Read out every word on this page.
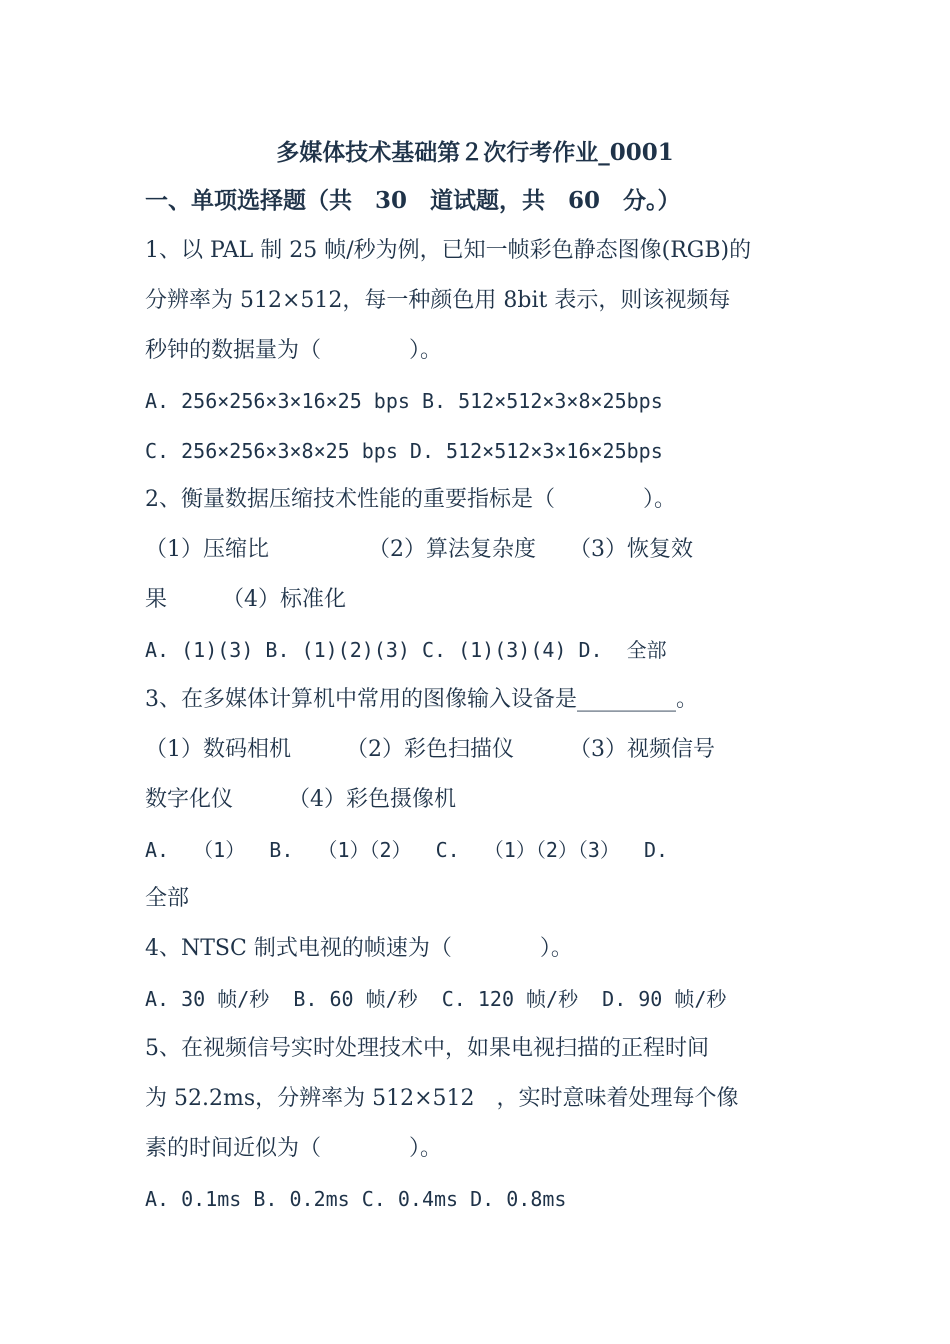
多媒体技术基础第２次行考作业_0001
一、单项选择题（共　30　道试题，共　60　分。）
1、以 PAL 制 25 帧/秒为例，已知一帧彩色静态图像(RGB)的
分辨率为 512×512，每一种颜色用 8bit 表示，则该视频每
秒钟的数据量为（　　　　）。
A. 256×256×3×16×25 bps B. 512×512×3×8×25bps
C. 256×256×3×8×25 bps D. 512×512×3×16×25bps
2、衡量数据压缩技术性能的重要指标是（　　　　）。
（1）压缩比　　　　　（2）算法复杂度　　（3）恢复效
果　　　（4）标准化
A. (1)(3) B. (1)(2)(3) C. (1)(3)(4) D.  全部
3、在多媒体计算机中常用的图像输入设备是_________。
（1）数码相机　　　（2）彩色扫描仪　　　（3）视频信号
数字化仪　　　（4）彩色摄像机
A.  （1）  B.  （1）（2）  C.  （1）（2）（3）  D.
全部
4、NTSC 制式电视的帧速为（　　　　）。
A. 30 帧/秒  B. 60 帧/秒  C. 120 帧/秒  D. 90 帧/秒
5、在视频信号实时处理技术中，如果电视扫描的正程时间
为 52.2ms，分辨率为 512×512　，实时意味着处理每个像
素的时间近似为（　　　　）。
A. 0.1ms B. 0.2ms C. 0.4ms D. 0.8ms
